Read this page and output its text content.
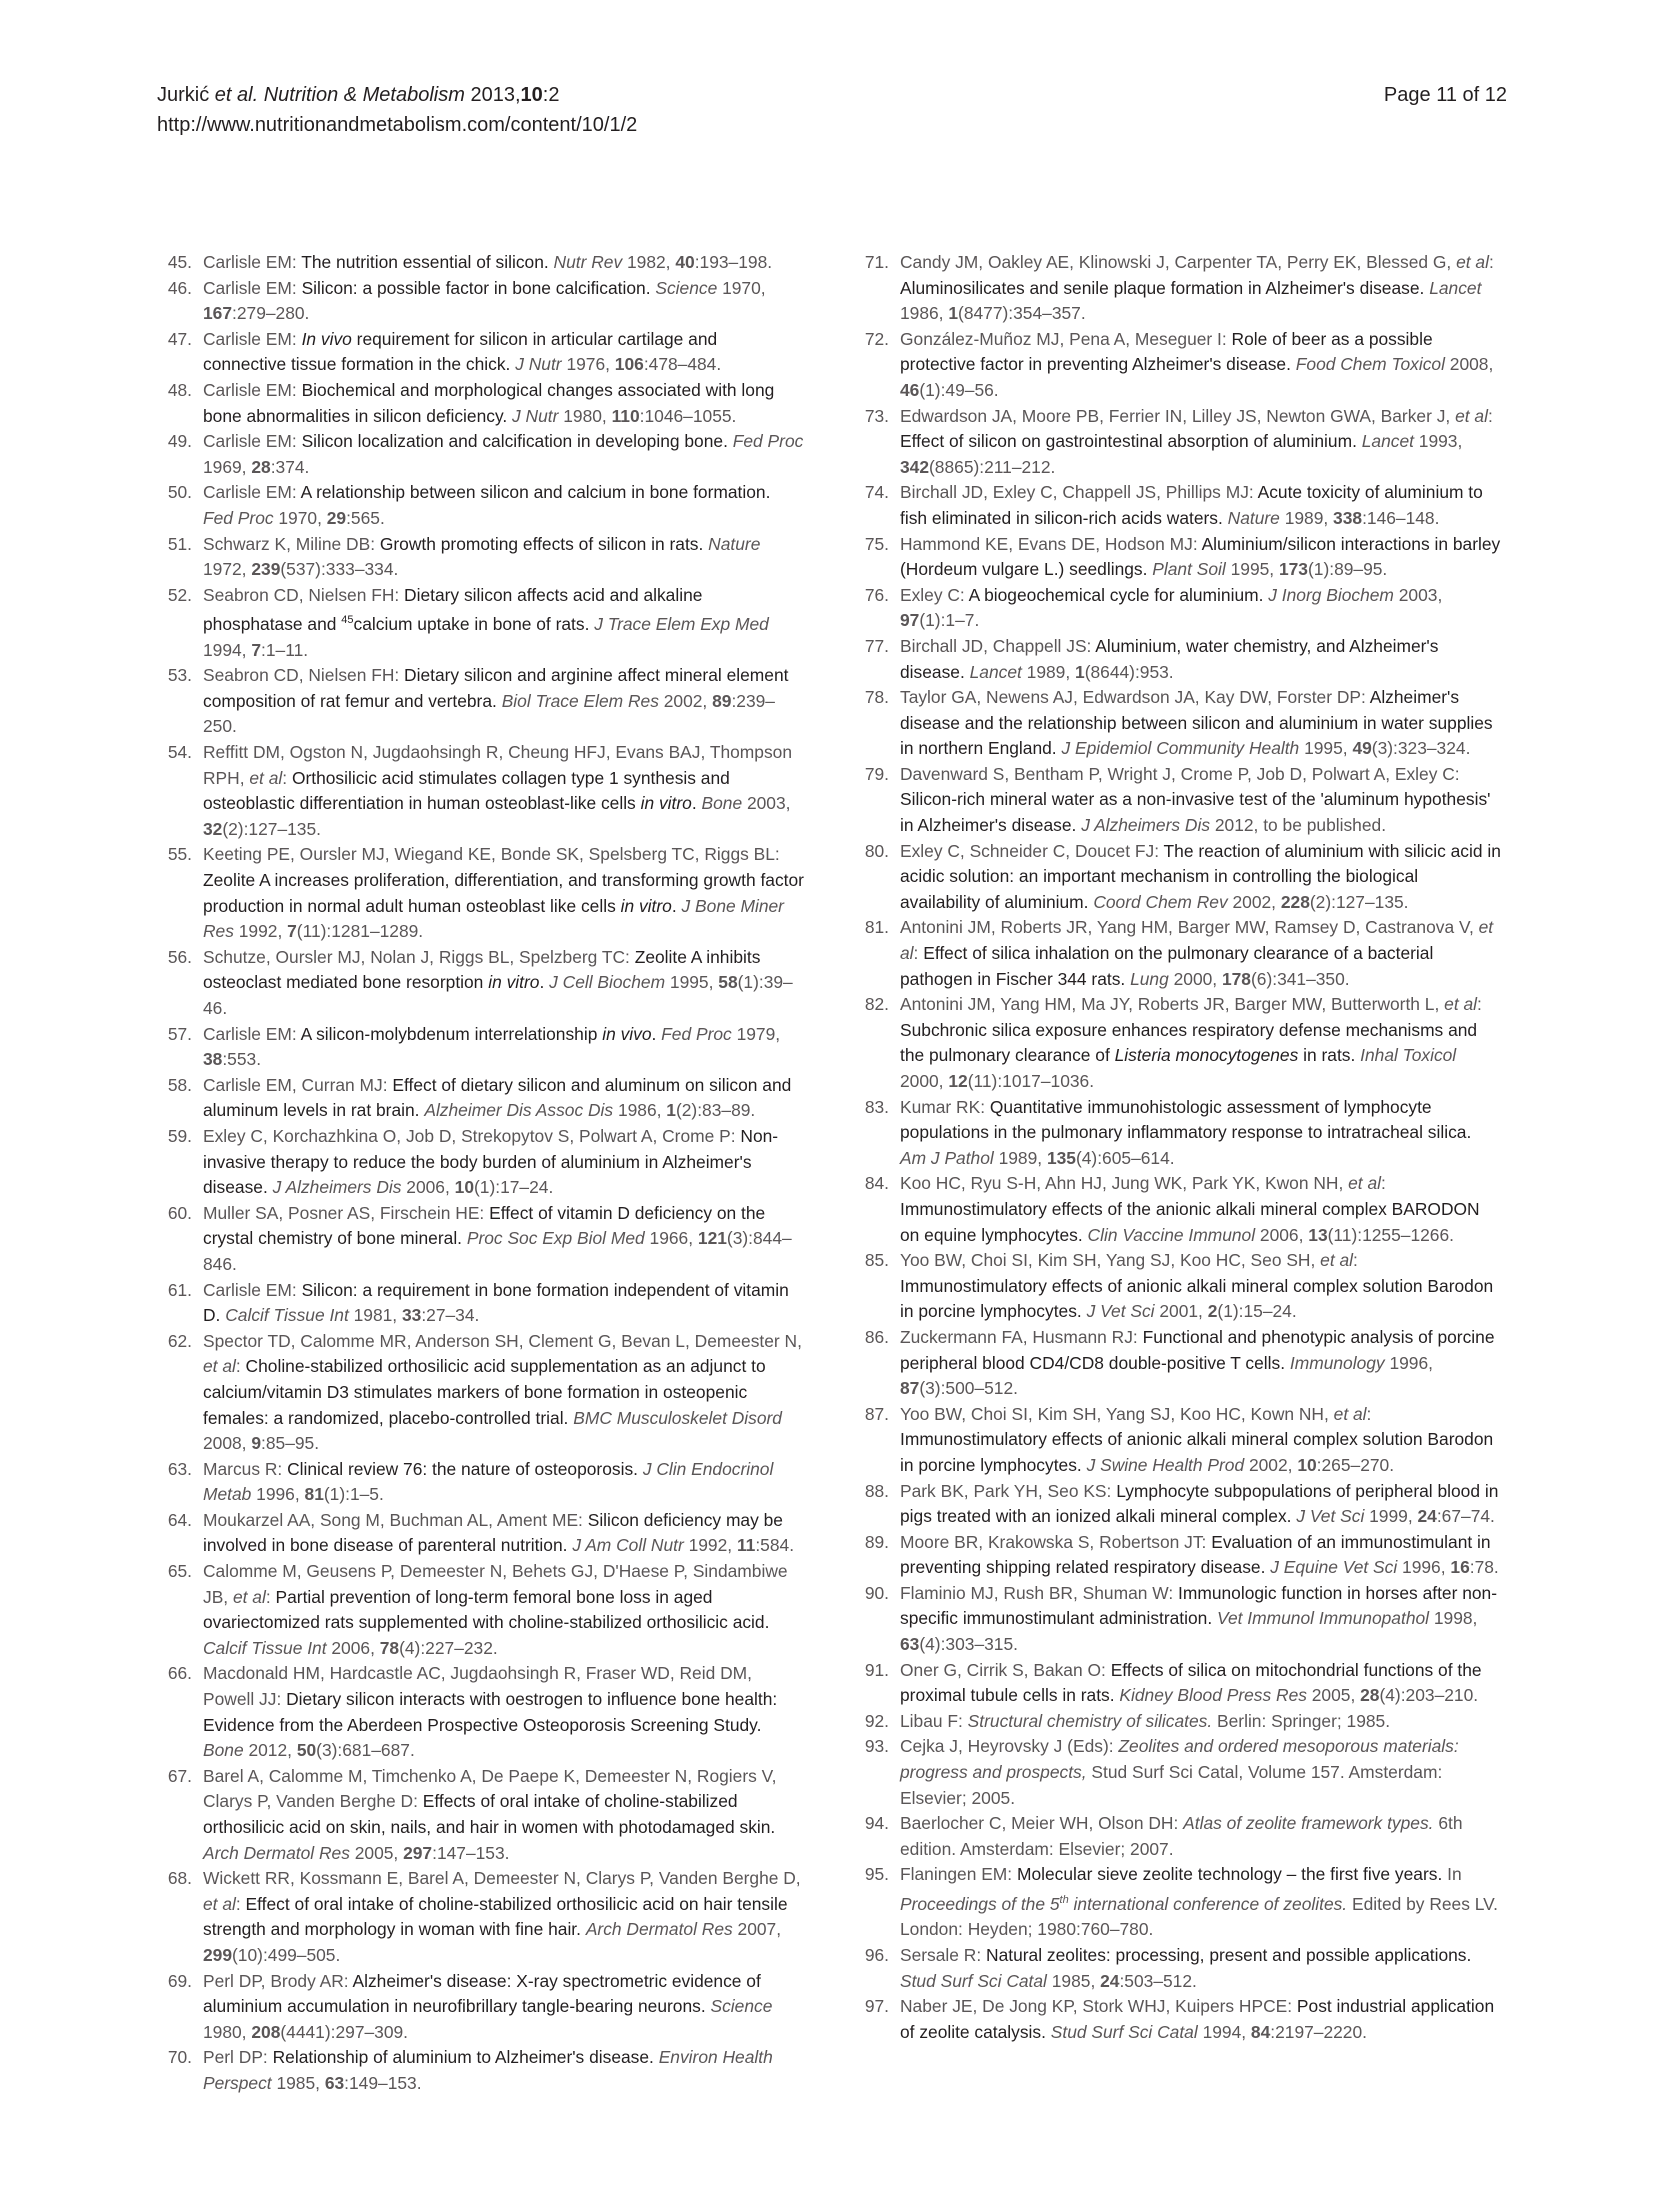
Jurkić et al. Nutrition & Metabolism 2013,10:2
http://www.nutritionandmetabolism.com/content/10/1/2
Page 11 of 12

45. Carlisle EM: The nutrition essential of silicon. Nutr Rev 1982, 40:193–198.

46. Carlisle EM: Silicon: a possible factor in bone calcification. Science 1970, 167:279–280.

47. Carlisle EM: In vivo requirement for silicon in articular cartilage and connective tissue formation in the chick. J Nutr 1976, 106:478–484.

48. Carlisle EM: Biochemical and morphological changes associated with long bone abnormalities in silicon deficiency. J Nutr 1980, 110:1046–1055.

49. Carlisle EM: Silicon localization and calcification in developing bone. Fed Proc 1969, 28:374.

50. Carlisle EM: A relationship between silicon and calcium in bone formation. Fed Proc 1970, 29:565.

51. Schwarz K, Miline DB: Growth promoting effects of silicon in rats. Nature 1972, 239(537):333–334.

52. Seabron CD, Nielsen FH: Dietary silicon affects acid and alkaline phosphatase and $^{45}$calcium uptake in bone of rats. J Trace Elem Exp Med 1994, 7:1–11.

53. Seabron CD, Nielsen FH: Dietary silicon and arginine affect mineral element composition of rat femur and vertebra. Biol Trace Elem Res 2002, 89:239–250.

54. Reffitt DM, Ogston N, Jugdaohsingh R, Cheung HFJ, Evans BAJ, Thompson RPH, et al: Orthosilicic acid stimulates collagen type 1 synthesis and osteoblastic differentiation in human osteoblast-like cells in vitro. Bone 2003, 32(2):127–135.

55. Keeting PE, Oursler MJ, Wiegand KE, Bonde SK, Spelsberg TC, Riggs BL: Zeolite A increases proliferation, differentiation, and transforming growth factor production in normal adult human osteoblast like cells in vitro. J Bone Miner Res 1992, 7(11):1281–1289.

56. Schutze, Oursler MJ, Nolan J, Riggs BL, Spelzberg TC: Zeolite A inhibits osteoclast mediated bone resorption in vitro. J Cell Biochem 1995, 58(1):39–46.

57. Carlisle EM: A silicon-molybdenum interrelationship in vivo. Fed Proc 1979, 38:553.

58. Carlisle EM, Curran MJ: Effect of dietary silicon and aluminum on silicon and aluminum levels in rat brain. Alzheimer Dis Assoc Dis 1986, 1(2):83–89.

59. Exley C, Korchazhkina O, Job D, Strekopytov S, Polwart A, Crome P: Non-invasive therapy to reduce the body burden of aluminium in Alzheimer's disease. J Alzheimers Dis 2006, 10(1):17–24.

60. Muller SA, Posner AS, Firschein HE: Effect of vitamin D deficiency on the crystal chemistry of bone mineral. Proc Soc Exp Biol Med 1966, 121(3):844–846.

61. Carlisle EM: Silicon: a requirement in bone formation independent of vitamin D. Calcif Tissue Int 1981, 33:27–34.

62. Spector TD, Calomme MR, Anderson SH, Clement G, Bevan L, Demeester N, et al: Choline-stabilized orthosilicic acid supplementation as an adjunct to calcium/vitamin D3 stimulates markers of bone formation in osteopenic females: a randomized, placebo-controlled trial. BMC Musculoskelet Disord 2008, 9:85–95.

63. Marcus R: Clinical review 76: the nature of osteoporosis. J Clin Endocrinol Metab 1996, 81(1):1–5.

64. Moukarzel AA, Song M, Buchman AL, Ament ME: Silicon deficiency may be involved in bone disease of parenteral nutrition. J Am Coll Nutr 1992, 11:584.

65. Calomme M, Geusens P, Demeester N, Behets GJ, D'Haese P, Sindambiwe JB, et al: Partial prevention of long-term femoral bone loss in aged ovariectomized rats supplemented with choline-stabilized orthosilicic acid. Calcif Tissue Int 2006, 78(4):227–232.

66. Macdonald HM, Hardcastle AC, Jugdaohsingh R, Fraser WD, Reid DM, Powell JJ: Dietary silicon interacts with oestrogen to influence bone health: Evidence from the Aberdeen Prospective Osteoporosis Screening Study. Bone 2012, 50(3):681–687.

67. Barel A, Calomme M, Timchenko A, De Paepe K, Demeester N, Rogiers V, Clarys P, Vanden Berghe D: Effects of oral intake of choline-stabilized orthosilicic acid on skin, nails, and hair in women with photodamaged skin. Arch Dermatol Res 2005, 297:147–153.

68. Wickett RR, Kossmann E, Barel A, Demeester N, Clarys P, Vanden Berghe D, et al: Effect of oral intake of choline-stabilized orthosilicic acid on hair tensile strength and morphology in woman with fine hair. Arch Dermatol Res 2007, 299(10):499–505.

69. Perl DP, Brody AR: Alzheimer's disease: X-ray spectrometric evidence of aluminium accumulation in neurofibrillary tangle-bearing neurons. Science 1980, 208(4441):297–309.

70. Perl DP: Relationship of aluminium to Alzheimer's disease. Environ Health Perspect 1985, 63:149–153.

71. Candy JM, Oakley AE, Klinowski J, Carpenter TA, Perry EK, Blessed G, et al: Aluminosilicates and senile plaque formation in Alzheimer's disease. Lancet 1986, 1(8477):354–357.

72. González-Muñoz MJ, Pena A, Meseguer I: Role of beer as a possible protective factor in preventing Alzheimer's disease. Food Chem Toxicol 2008, 46(1):49–56.

73. Edwardson JA, Moore PB, Ferrier IN, Lilley JS, Newton GWA, Barker J, et al: Effect of silicon on gastrointestinal absorption of aluminium. Lancet 1993, 342(8865):211–212.

74. Birchall JD, Exley C, Chappell JS, Phillips MJ: Acute toxicity of aluminium to fish eliminated in silicon-rich acids waters. Nature 1989, 338:146–148.

75. Hammond KE, Evans DE, Hodson MJ: Aluminium/silicon interactions in barley (Hordeum vulgare L.) seedlings. Plant Soil 1995, 173(1):89–95.

76. Exley C: A biogeochemical cycle for aluminium. J Inorg Biochem 2003, 97(1):1–7.

77. Birchall JD, Chappell JS: Aluminium, water chemistry, and Alzheimer's disease. Lancet 1989, 1(8644):953.

78. Taylor GA, Newens AJ, Edwardson JA, Kay DW, Forster DP: Alzheimer's disease and the relationship between silicon and aluminium in water supplies in northern England. J Epidemiol Community Health 1995, 49(3):323–324.

79. Davenward S, Bentham P, Wright J, Crome P, Job D, Polwart A, Exley C: Silicon-rich mineral water as a non-invasive test of the 'aluminum hypothesis' in Alzheimer's disease. J Alzheimers Dis 2012, to be published.

80. Exley C, Schneider C, Doucet FJ: The reaction of aluminium with silicic acid in acidic solution: an important mechanism in controlling the biological availability of aluminium. Coord Chem Rev 2002, 228(2):127–135.

81. Antonini JM, Roberts JR, Yang HM, Barger MW, Ramsey D, Castranova V, et al: Effect of silica inhalation on the pulmonary clearance of a bacterial pathogen in Fischer 344 rats. Lung 2000, 178(6):341–350.

82. Antonini JM, Yang HM, Ma JY, Roberts JR, Barger MW, Butterworth L, et al: Subchronic silica exposure enhances respiratory defense mechanisms and the pulmonary clearance of Listeria monocytogenes in rats. Inhal Toxicol 2000, 12(11):1017–1036.

83. Kumar RK: Quantitative immunohistologic assessment of lymphocyte populations in the pulmonary inflammatory response to intratracheal silica. Am J Pathol 1989, 135(4):605–614.

84. Koo HC, Ryu S-H, Ahn HJ, Jung WK, Park YK, Kwon NH, et al: Immunostimulatory effects of the anionic alkali mineral complex BARODON on equine lymphocytes. Clin Vaccine Immunol 2006, 13(11):1255–1266.

85. Yoo BW, Choi SI, Kim SH, Yang SJ, Koo HC, Seo SH, et al: Immunostimulatory effects of anionic alkali mineral complex solution Barodon in porcine lymphocytes. J Vet Sci 2001, 2(1):15–24.

86. Zuckermann FA, Husmann RJ: Functional and phenotypic analysis of porcine peripheral blood CD4/CD8 double-positive T cells. Immunology 1996, 87(3):500–512.

87. Yoo BW, Choi SI, Kim SH, Yang SJ, Koo HC, Kown NH, et al: Immunostimulatory effects of anionic alkali mineral complex solution Barodon in porcine lymphocytes. J Swine Health Prod 2002, 10:265–270.

88. Park BK, Park YH, Seo KS: Lymphocyte subpopulations of peripheral blood in pigs treated with an ionized alkali mineral complex. J Vet Sci 1999, 24:67–74.

89. Moore BR, Krakowska S, Robertson JT: Evaluation of an immunostimulant in preventing shipping related respiratory disease. J Equine Vet Sci 1996, 16:78.

90. Flaminio MJ, Rush BR, Shuman W: Immunologic function in horses after non-specific immunostimulant administration. Vet Immunol Immunopathol 1998, 63(4):303–315.

91. Oner G, Cirrik S, Bakan O: Effects of silica on mitochondrial functions of the proximal tubule cells in rats. Kidney Blood Press Res 2005, 28(4):203–210.

92. Libau F: Structural chemistry of silicates. Berlin: Springer; 1985.

93. Cejka J, Heyrovsky J (Eds): Zeolites and ordered mesoporous materials: progress and prospects, Stud Surf Sci Catal, Volume 157. Amsterdam: Elsevier; 2005.

94. Baerlocher C, Meier WH, Olson DH: Atlas of zeolite framework types. 6th edition. Amsterdam: Elsevier; 2007.

95. Flaningen EM: Molecular sieve zeolite technology – the first five years. In Proceedings of the 5th international conference of zeolites. Edited by Rees LV. London: Heyden; 1980:760–780.

96. Sersale R: Natural zeolites: processing, present and possible applications. Stud Surf Sci Catal 1985, 24:503–512.

97. Naber JE, De Jong KP, Stork WHJ, Kuipers HPCE: Post industrial application of zeolite catalysis. Stud Surf Sci Catal 1994, 84:2197–2220.
